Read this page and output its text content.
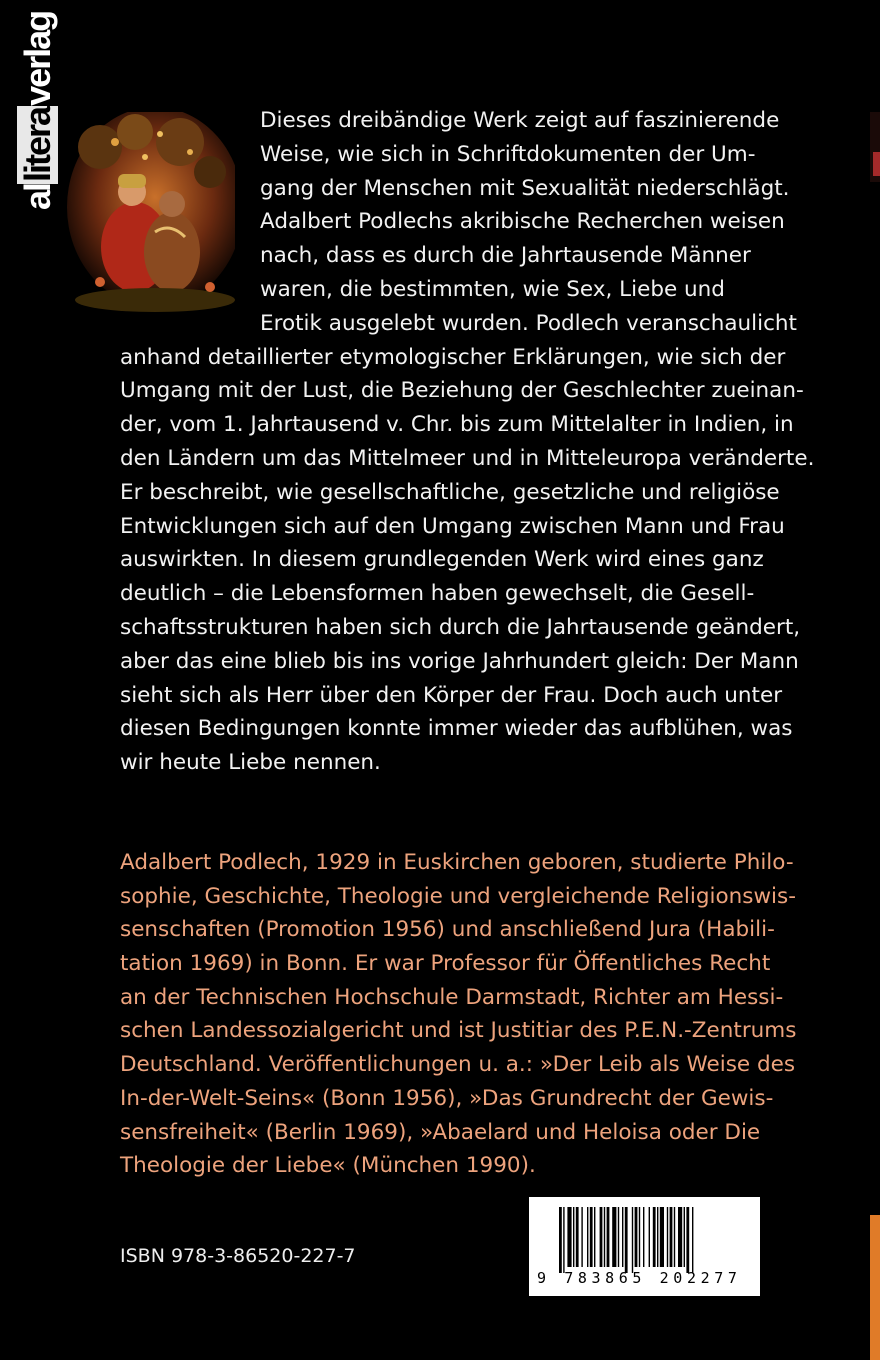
alliteraverlag
Dieses dreibändige Werk zeigt auf faszinierende
Weise, wie sich in Schriftdokumenten der Um-
gang der Menschen mit Sexualität niederschlägt.
Adalbert Podlechs akribische Recherchen weisen
nach, dass es durch die Jahrtausende Männer
waren, die bestimmten, wie Sex, Liebe und
Erotik ausgelebt wurden. Podlech veranschaulicht
anhand detaillierter etymologischer Erklärungen, wie sich der
Umgang mit der Lust, die Beziehung der Geschlechter zueinan-
der, vom 1. Jahrtausend v. Chr. bis zum Mittelalter in Indien, in
den Ländern um das Mittelmeer und in Mitteleuropa veränderte.
Er beschreibt, wie gesellschaftliche, gesetzliche und religiöse
Entwicklungen sich auf den Umgang zwischen Mann und Frau
auswirkten. In diesem grundlegenden Werk wird eines ganz
deutlich – die Lebensformen haben gewechselt, die Gesell-
schaftsstrukturen haben sich durch die Jahrtausende geändert,
aber das eine blieb bis ins vorige Jahrhundert gleich: Der Mann
sieht sich als Herr über den Körper der Frau. Doch auch unter
diesen Bedingungen konnte immer wieder das aufblühen, was
wir heute Liebe nennen.
Adalbert Podlech, 1929 in Euskirchen geboren, studierte Philo-
sophie, Geschichte, Theologie und vergleichende Religionswis-
senschaften (Promotion 1956) und anschließend Jura (Habili-
tation 1969) in Bonn. Er war Professor für Öffentliches Recht
an der Technischen Hochschule Darmstadt, Richter am Hessi-
schen Landessozialgericht und ist Justitiar des P.E.N.-Zentrums
Deutschland. Veröffentlichungen u. a.: »Der Leib als Weise des
In-der-Welt-Seins« (Bonn 1956), »Das Grundrecht der Gewis-
sensfreiheit« (Berlin 1969), »Abaelard und Heloisa oder Die
Theologie der Liebe« (München 1990).
ISBN 978-3-86520-227-7
9 783865 202277
